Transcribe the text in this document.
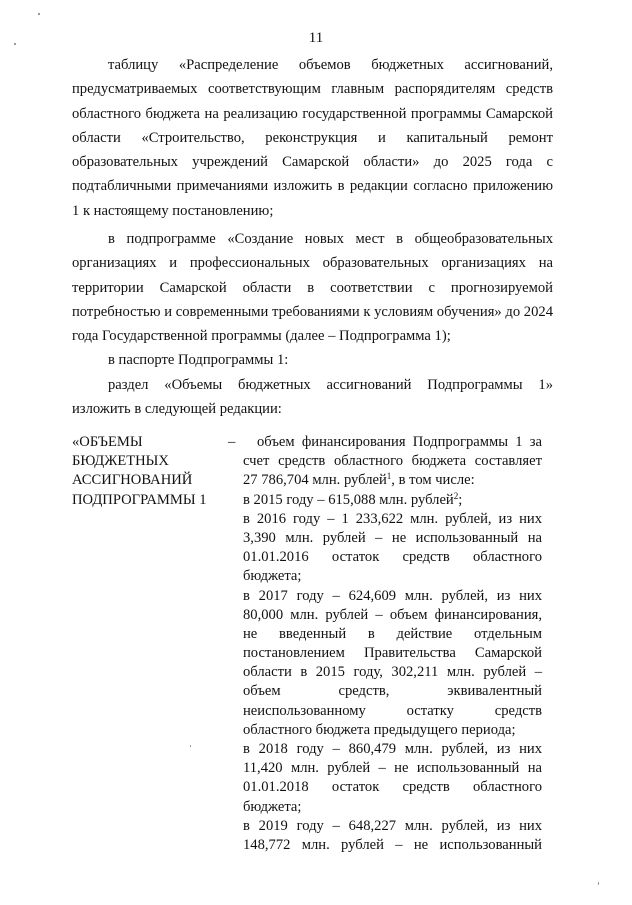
11

таблицу «Распределение объемов бюджетных ассигнований, предусматриваемых соответствующим главным распорядителям средств областного бюджета на реализацию государственной программы Самарской области «Строительство, реконструкция и капитальный ремонт образовательных учреждений Самарской области» до 2025 года с подтабличными примечаниями изложить в редакции согласно приложению 1 к настоящему постановлению;

в подпрограмме «Создание новых мест в общеобразовательных организациях и профессиональных образовательных организациях на территории Самарской области в соответствии с прогнозируемой потребностью и современными требованиями к условиям обучения» до 2024 года Государственной программы (далее – Подпрограмма 1);

в паспорте Подпрограммы 1:

раздел «Объемы бюджетных ассигнований Подпрограммы 1» изложить в следующей редакции:

«ОБЪЕМЫ БЮДЖЕТНЫХ АССИГНОВАНИЙ ПОДПРОГРАММЫ 1
–	объем финансирования Подпрограммы 1 за
счет средств областного бюджета составляет
27 786,704 млн. рублей$^1$, в том числе:
в 2015 году – 615,088 млн. рублей$^2$;
в 2016 году – 1 233,622 млн. рублей, из них
3,390 млн. рублей – не использованный на
01.01.2016 остаток средств областного
бюджета;
в 2017 году – 624,609 млн. рублей, из них
80,000 млн. рублей – объем финансирования,
не введенный в действие отдельным
постановлением Правительства Самарской
области в 2015 году, 302,211 млн. рублей –
объем средств, эквивалентный
неиспользованному остатку средств
областного бюджета предыдущего периода;
в 2018 году – 860,479 млн. рублей, из них
11,420 млн. рублей – не использованный на
01.01.2018 остаток средств областного
бюджета;
в 2019 году – 648,227 млн. рублей, из них
148,772 млн. рублей – не использованный
